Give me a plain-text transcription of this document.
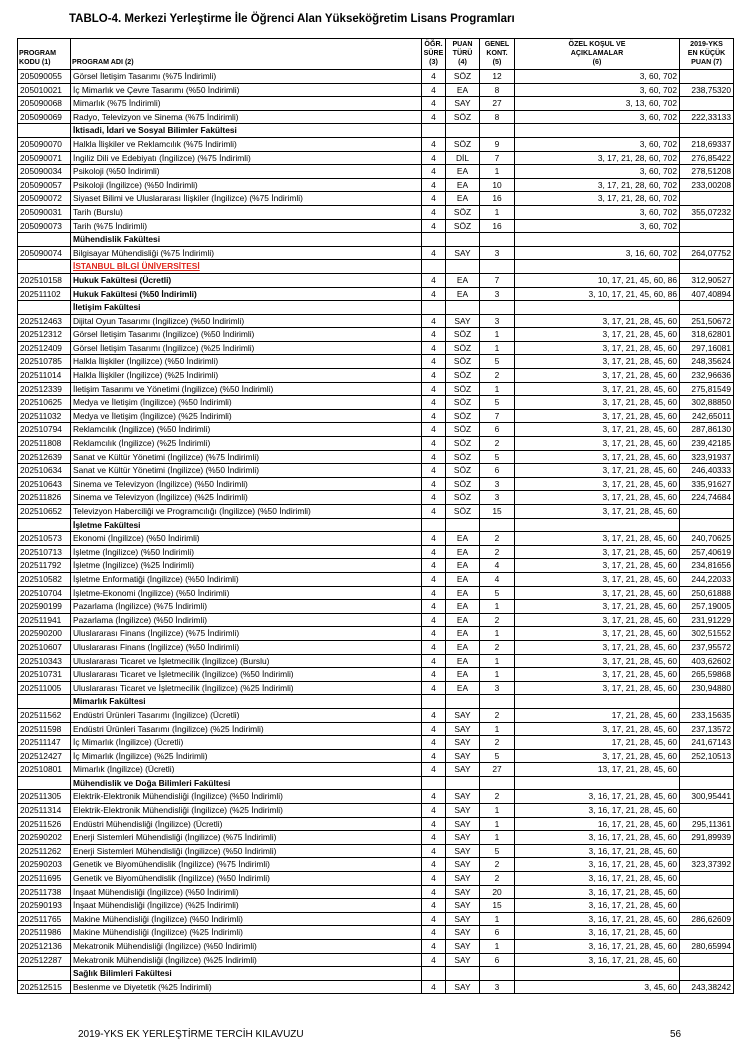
TABLO-4. Merkezi Yerleştirme İle Öğrenci Alan Yükseköğretim Lisans Programları
PROGRAM
KODU (1)	PROGRAM ADI (2)	ÖĞR.
SÜRE
(3)	PUAN
TÜRÜ
(4)	GENEL
KONT.
(5)	ÖZEL KOŞUL VE
AÇIKLAMALAR
(6)	2019-YKS
EN KÜÇÜK
PUAN (7)
205090055	Görsel İletişim Tasarımı (%75 İndirimli)	4	SÖZ	12	3, 60, 702	
205010021	İç Mimarlık ve Çevre Tasarımı (%50 İndirimli)	4	EA	8	3, 60, 702	238,75320
205090068	Mimarlık (%75 İndirimli)	4	SAY	27	3, 13, 60, 702	
205090069	Radyo, Televizyon ve Sinema (%75 İndirimli)	4	SÖZ	8	3, 60, 702	222,33133
	İktisadi, İdari ve Sosyal Bilimler Fakültesi					
205090070	Halkla İlişkiler ve Reklamcılık (%75 İndirimli)	4	SÖZ	9	3, 60, 702	218,69337
205090071	İngiliz Dili ve Edebiyatı (İngilizce) (%75 İndirimli)	4	DİL	7	3, 17, 21, 28, 60, 702	276,85422
205090034	Psikoloji (%50 İndirimli)	4	EA	1	3, 60, 702	278,51208
205090057	Psikoloji (İngilizce) (%50 İndirimli)	4	EA	10	3, 17, 21, 28, 60, 702	233,00208
205090072	Siyaset Bilimi ve Uluslararası İlişkiler (İngilizce) (%75 İndirimli)	4	EA	16	3, 17, 21, 28, 60, 702	
205090031	Tarih (Burslu)	4	SÖZ	1	3, 60, 702	355,07232
205090073	Tarih (%75 İndirimli)	4	SÖZ	16	3, 60, 702	
	Mühendislik Fakültesi					
205090074	Bilgisayar Mühendisliği (%75 İndirimli)	4	SAY	3	3, 16, 60, 702	264,07752
	İSTANBUL BİLGİ ÜNİVERSİTESİ					
202510158	Hukuk Fakültesi (Ücretli)	4	EA	7	10, 17, 21, 45, 60, 86	312,90527
202511102	Hukuk Fakültesi (%50 İndirimli)	4	EA	3	3, 10, 17, 21, 45, 60, 86	407,40894
	İletişim Fakültesi					
202512463	Dijital Oyun Tasarımı (İngilizce) (%50 İndirimli)	4	SAY	3	3, 17, 21, 28, 45, 60	251,50672
202512312	Görsel İletişim Tasarımı (İngilizce) (%50 İndirimli)	4	SÖZ	1	3, 17, 21, 28, 45, 60	318,62801
202512409	Görsel İletişim Tasarımı (İngilizce) (%25 İndirimli)	4	SÖZ	1	3, 17, 21, 28, 45, 60	297,16081
202510785	Halkla İlişkiler (İngilizce) (%50 İndirimli)	4	SÖZ	5	3, 17, 21, 28, 45, 60	248,35624
202511014	Halkla İlişkiler (İngilizce) (%25 İndirimli)	4	SÖZ	2	3, 17, 21, 28, 45, 60	232,96636
202512339	İletişim Tasarımı ve Yönetimi (İngilizce) (%50 İndirimli)	4	SÖZ	1	3, 17, 21, 28, 45, 60	275,81549
202510625	Medya ve İletişim (İngilizce) (%50 İndirimli)	4	SÖZ	5	3, 17, 21, 28, 45, 60	302,88850
202511032	Medya ve İletişim (İngilizce) (%25 İndirimli)	4	SÖZ	7	3, 17, 21, 28, 45, 60	242,65011
202510794	Reklamcılık (İngilizce) (%50 İndirimli)	4	SÖZ	6	3, 17, 21, 28, 45, 60	287,86130
202511808	Reklamcılık (İngilizce) (%25 İndirimli)	4	SÖZ	2	3, 17, 21, 28, 45, 60	239,42185
202512639	Sanat ve Kültür Yönetimi (İngilizce) (%75 İndirimli)	4	SÖZ	5	3, 17, 21, 28, 45, 60	323,91937
202510634	Sanat ve Kültür Yönetimi (İngilizce) (%50 İndirimli)	4	SÖZ	6	3, 17, 21, 28, 45, 60	246,40333
202510643	Sinema ve Televizyon (İngilizce) (%50 İndirimli)	4	SÖZ	3	3, 17, 21, 28, 45, 60	335,91627
202511826	Sinema ve Televizyon (İngilizce) (%25 İndirimli)	4	SÖZ	3	3, 17, 21, 28, 45, 60	224,74684
202510652	Televizyon Haberciliği ve Programcılığı (İngilizce) (%50 İndirimli)	4	SÖZ	15	3, 17, 21, 28, 45, 60	
	İşletme Fakültesi					
202510573	Ekonomi (İngilizce) (%50 İndirimli)	4	EA	2	3, 17, 21, 28, 45, 60	240,70625
202510713	İşletme (İngilizce) (%50 İndirimli)	4	EA	2	3, 17, 21, 28, 45, 60	257,40619
202511792	İşletme (İngilizce) (%25 İndirimli)	4	EA	4	3, 17, 21, 28, 45, 60	234,81656
202510582	İşletme Enformatiği (İngilizce) (%50 İndirimli)	4	EA	4	3, 17, 21, 28, 45, 60	244,22033
202510704	İşletme-Ekonomi (İngilizce) (%50 İndirimli)	4	EA	5	3, 17, 21, 28, 45, 60	250,61888
202590199	Pazarlama (İngilizce) (%75 İndirimli)	4	EA	1	3, 17, 21, 28, 45, 60	257,19005
202511941	Pazarlama (İngilizce) (%50 İndirimli)	4	EA	2	3, 17, 21, 28, 45, 60	231,91229
202590200	Uluslararası Finans (İngilizce) (%75 İndirimli)	4	EA	1	3, 17, 21, 28, 45, 60	302,51552
202510607	Uluslararası Finans (İngilizce) (%50 İndirimli)	4	EA	2	3, 17, 21, 28, 45, 60	237,95572
202510343	Uluslararası Ticaret ve İşletmecilik (İngilizce) (Burslu)	4	EA	1	3, 17, 21, 28, 45, 60	403,62602
202510731	Uluslararası Ticaret ve İşletmecilik (İngilizce) (%50 İndirimli)	4	EA	1	3, 17, 21, 28, 45, 60	265,59868
202511005	Uluslararası Ticaret ve İşletmecilik (İngilizce) (%25 İndirimli)	4	EA	3	3, 17, 21, 28, 45, 60	230,94880
	Mimarlık Fakültesi					
202511562	Endüstri Ürünleri Tasarımı (İngilizce) (Ücretli)	4	SAY	2	17, 21, 28, 45, 60	233,15635
202511598	Endüstri Ürünleri Tasarımı (İngilizce) (%25 İndirimli)	4	SAY	1	3, 17, 21, 28, 45, 60	237,13572
202511147	İç Mimarlık (İngilizce) (Ücretli)	4	SAY	2	17, 21, 28, 45, 60	241,67143
202512427	İç Mimarlık (İngilizce) (%25 İndirimli)	4	SAY	5	3, 17, 21, 28, 45, 60	252,10513
202510801	Mimarlık (İngilizce) (Ücretli)	4	SAY	27	13, 17, 21, 28, 45, 60	
	Mühendislik ve Doğa Bilimleri Fakültesi					
202511305	Elektrik-Elektronik Mühendisliği (İngilizce) (%50 İndirimli)	4	SAY	2	3, 16, 17, 21, 28, 45, 60	300,95441
202511314	Elektrik-Elektronik Mühendisliği (İngilizce) (%25 İndirimli)	4	SAY	1	3, 16, 17, 21, 28, 45, 60	
202511526	Endüstri Mühendisliği (İngilizce) (Ücretli)	4	SAY	1	16, 17, 21, 28, 45, 60	295,11361
202590202	Enerji Sistemleri Mühendisliği (İngilizce) (%75 İndirimli)	4	SAY	1	3, 16, 17, 21, 28, 45, 60	291,89939
202511262	Enerji Sistemleri Mühendisliği (İngilizce) (%50 İndirimli)	4	SAY	5	3, 16, 17, 21, 28, 45, 60	
202590203	Genetik ve Biyomühendislik (İngilizce) (%75 İndirimli)	4	SAY	2	3, 16, 17, 21, 28, 45, 60	323,37392
202511695	Genetik ve Biyomühendislik (İngilizce) (%50 İndirimli)	4	SAY	2	3, 16, 17, 21, 28, 45, 60	
202511738	İnşaat Mühendisliği (İngilizce) (%50 İndirimli)	4	SAY	20	3, 16, 17, 21, 28, 45, 60	
202590193	İnşaat Mühendisliği (İngilizce) (%25 İndirimli)	4	SAY	15	3, 16, 17, 21, 28, 45, 60	
202511765	Makine Mühendisliği (İngilizce) (%50 İndirimli)	4	SAY	1	3, 16, 17, 21, 28, 45, 60	286,62609
202511986	Makine Mühendisliği (İngilizce) (%25 İndirimli)	4	SAY	6	3, 16, 17, 21, 28, 45, 60	
202512136	Mekatronik Mühendisliği (İngilizce) (%50 İndirimli)	4	SAY	1	3, 16, 17, 21, 28, 45, 60	280,65994
202512287	Mekatronik Mühendisliği (İngilizce) (%25 İndirimli)	4	SAY	6	3, 16, 17, 21, 28, 45, 60	
	Sağlık Bilimleri Fakültesi					
202512515	Beslenme ve Diyetetik (%25 İndirimli)	4	SAY	3	3, 45, 60	243,38242
2019-YKS EK YERLEŞTİRME TERCİH KILAVUZU	56
